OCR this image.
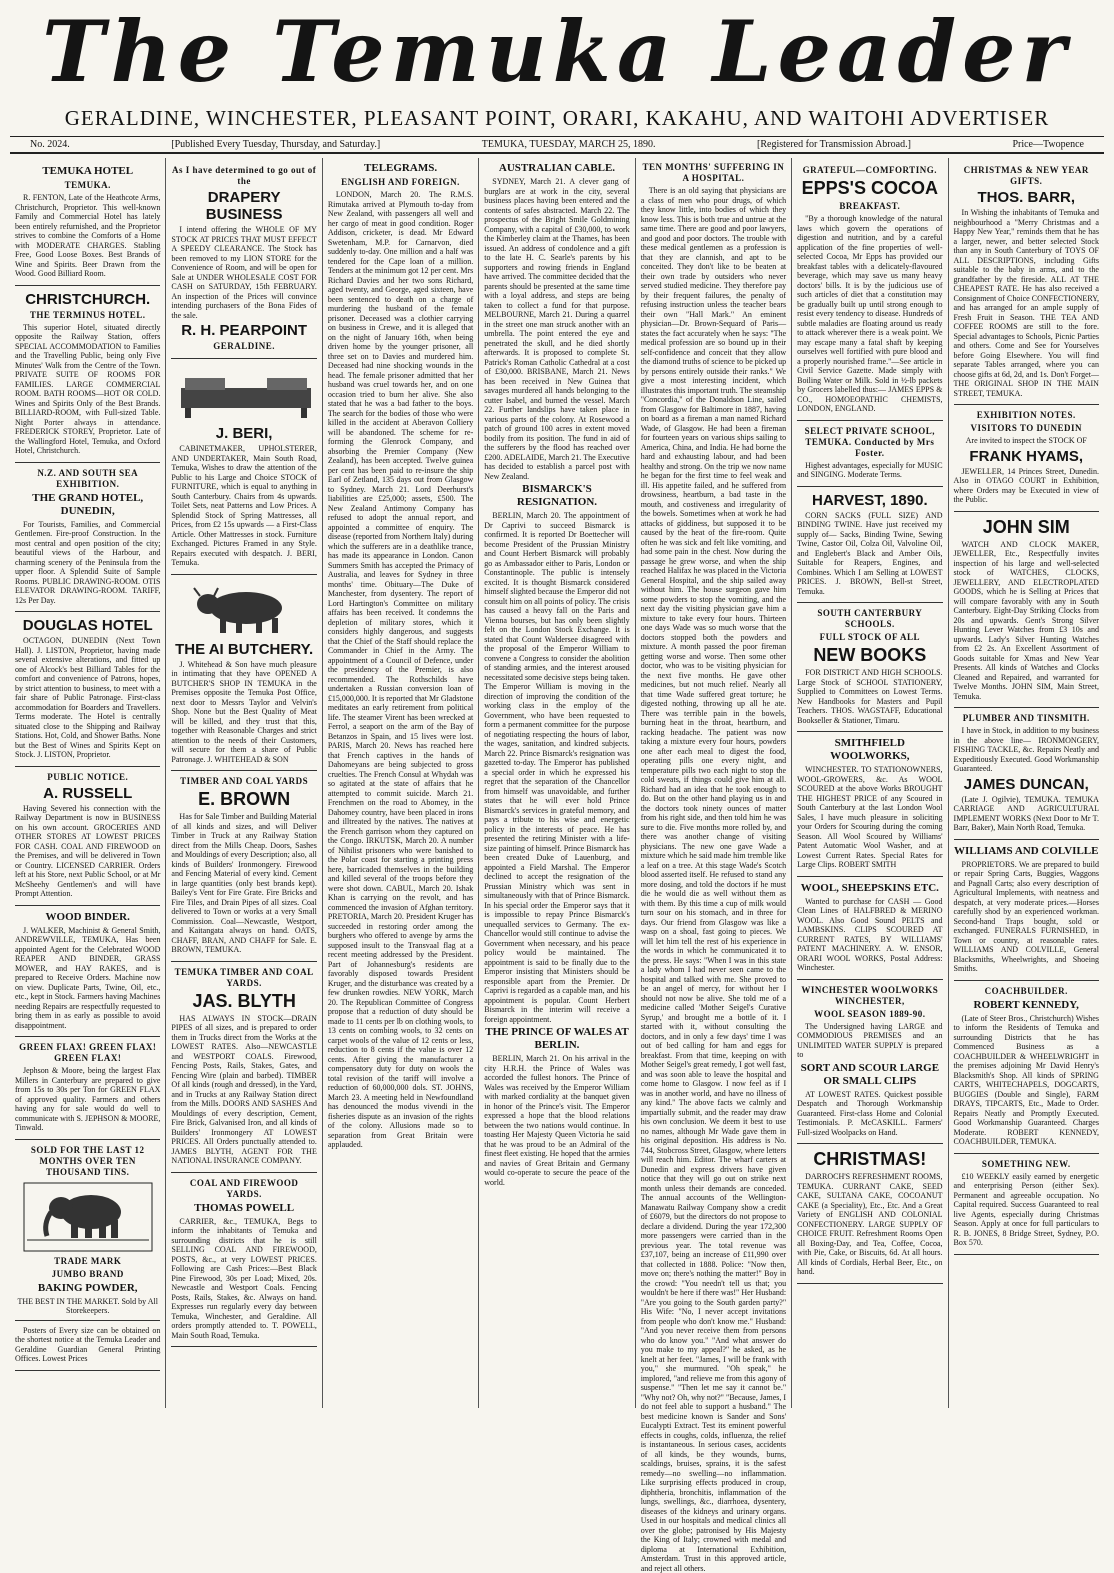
The Temuka Leader
GERALDINE, WINCHESTER, PLEASANT POINT, ORARI, KAKAHU, AND WAITOHI ADVERTISER
No. 2024.	[Published Every Tuesday, Thursday, and Saturday.]	TEMUKA, TUESDAY, MARCH 25, 1890.	[Registered for Transmission Abroad.]	Price—Twopence
TEMUKA HOTEL
TEMUKA.
R. FENTON, Late of the Heathcote Arms, Christchurch, Proprietor. This well-known Family and Commercial Hotel has lately been entirely refurnished, and the Proprietor strives to combine the Comforts of a Home with MODERATE CHARGES. Stabling Free, Good Loose Boxes. Best Brands of Wine and Spirits. Beer Drawn from the Wood. Good Billiard Room.
CHRISTCHURCH.
THE TERMINUS HOTEL.
This superior Hotel, situated directly opposite the Railway Station, offers SPECIAL ACCOMMODATION to Families and the Travelling Public, being only Five Minutes' Walk from the Centre of the Town. PRIVATE SUITE OF ROOMS FOR FAMILIES. LARGE COMMERCIAL ROOM. BATH ROOMS—HOT OR COLD. Wines and Spirits Only of the Best Brands. BILLIARD-ROOM, with Full-sized Table. Night Porter always in attendance. FREDERICK STOREY, Proprietor. Late of the Wallingford Hotel, Temuka, and Oxford Hotel, Christchurch.
N.Z. AND SOUTH SEA EXHIBITION.
THE GRAND HOTEL, DUNEDIN,
For Tourists, Families, and Commercial Gentlemen. Fire-proof Construction. In the most central and open position of the city; beautiful views of the Harbour, and charming scenery of the Peninsula from the upper floor. A Splendid Suite of Sample Rooms. PUBLIC DRAWING-ROOM. OTIS ELEVATOR DRAWING-ROOM. TARIFF, 12s Per Day.
DOUGLAS HOTEL
OCTAGON, DUNEDIN (Next Town Hall). J. LISTON, Proprietor, having made several extensive alterations, and fitted up one of Alcock's best Billiard Tables for the comfort and convenience of Patrons, hopes, by strict attention to business, to meet with a fair share of Public Patronage. First-class accommodation for Boarders and Travellers. Terms moderate. The Hotel is centrally situated close to the Shipping and Railway Stations. Hot, Cold, and Shower Baths. None but the Best of Wines and Spirits Kept on Stock. J. LISTON, Proprietor.
PUBLIC NOTICE.
A. RUSSELL
Having Severed his connection with the Railway Department is now in BUSINESS on his own account. GROCERIES AND OTHER STORES AT LOWEST PRICES FOR CASH. COAL AND FIREWOOD on the Premises, and will be delivered in Town or Country. LICENSED CARRIER. Orders left at his Store, next Public School, or at Mr McSheehy Gentlemen's and will have Prompt Attention.
WOOD BINDER.
J. WALKER, Machinist & General Smith, ANDREWVILLE, TEMUKA, Has been appointed Agent for the Celebrated WOOD REAPER AND BINDER, GRASS MOWER, and HAY RAKES, and is prepared to Receive Orders. Machine now on view. Duplicate Parts, Twine, Oil, etc., etc., kept in Stock. Farmers having Machines needing Repairs are respectfully requested to bring them in as early as possible to avoid disappointment.
GREEN FLAX! GREEN FLAX! GREEN FLAX!
Jephson & Moore, being the largest Flax Millers in Canterbury are prepared to give from 15s to 30s per Ton for GREEN FLAX of approved quality. Farmers and others having any for sale would do well to communicate with S. JEPHSON & MOORE, Tinwald.
SOLD FOR THE LAST 12 MONTHS OVER TEN THOUSAND TINS.
TRADE MARK
JUMBO BRAND
BAKING POWDER,
THE BEST IN THE MARKET. Sold by All Storekeepers.
Posters of Every size can be obtained on the shortest notice at the Temuka Leader and Geraldine Guardian General Printing Offices. Lowest Prices
As I have determined to go out of the
DRAPERY BUSINESS
I intend offering the WHOLE OF MY STOCK AT PRICES THAT MUST EFFECT A SPEEDY CLEARANCE. The Stock has been removed to my LION STORE for the Convenience of Room, and will be open for Sale at UNDER WHOLESALE COST FOR CASH on SATURDAY, 15th FEBRUARY. An inspection of the Prices will convince intending purchasers of the Bona Fides of the sale.
R. H. PEARPOINT
GERALDINE.
J. BERI,
CABINETMAKER, UPHOLSTERER, AND UNDERTAKER, Main South Road, Temuka, Wishes to draw the attention of the Public to his Large and Choice STOCK of FURNITURE, which is equal to anything in South Canterbury. Chairs from 4s upwards. Toilet Sets, neat Patterns and Low Prices. A Splendid Stock of Spring Mattresses, all Prices, from £2 15s upwards — a First-Class Article. Other Mattresses in stock. Furniture Exchanged. Pictures Framed in any Style. Repairs executed with despatch. J. BERI, Temuka.
THE AI BUTCHERY.
J. Whitehead & Son have much pleasure in intimating that they have OPENED A BUTCHER'S SHOP IN TEMUKA in the Premises opposite the Temuka Post Office, next door to Messrs Taylor and Velvin's Shop. None but the Best Quality of Meat will be killed, and they trust that this, together with Reasonable Charges and strict attention to the needs of their Customers, will secure for them a share of Public Patronage. J. WHITEHEAD & SON
TIMBER AND COAL YARDS
E. BROWN
Has for Sale Timber and Building Material of all kinds and sizes, and will Deliver Timber in Truck at any Railway Station direct from the Mills Cheap. Doors, Sashes and Mouldings of every Description; also, all kinds of Builders' Ironmongery. Firewood and Fencing Material of every kind. Cement in large quantities (only best brands kept). Bailey's Vent for Fire Grate. Fire Bricks and Fire Tiles, and Drain Pipes of all sizes. Coal delivered to Town or works at a very Small Commission. Coal—Newcastle, Westport, and Kaitangata always on hand. OATS, CHAFF, BRAN, AND CHAFF for Sale. E. BROWN, TEMUKA.
TEMUKA TIMBER AND COAL YARDS.
JAS. BLYTH
HAS ALWAYS IN STOCK—DRAIN PIPES of all sizes, and is prepared to order them in Trucks direct from the Works at the LOWEST RATES. Also—NEWCASTLE and WESTPORT COALS. Firewood, Fencing Posts, Rails, Stakes, Gates, and Fencing Wire (plain and barbed). TIMBER Of all kinds (rough and dressed), in the Yard, and in Trucks at any Railway Station direct from the Mills. DOORS AND SASHES And Mouldings of every description, Cement, Fire Brick, Galvanised Iron, and all kinds of Builders' Ironmongery AT LOWEST PRICES. All Orders punctually attended to. JAMES BLYTH, AGENT FOR THE NATIONAL INSURANCE COMPANY.
COAL AND FIREWOOD YARDS.
THOMAS POWELL
CARRIER, &c., TEMUKA, Begs to inform the inhabitants of Temuka and surrounding districts that he is still SELLING COAL AND FIREWOOD, POSTS, &c., at very LOWEST PRICES. Following are Cash Prices:—Best Black Pine Firewood, 30s per Load; Mixed, 20s. Newcastle and Westport Coals. Fencing Posts, Rails, Stakes, &c. Always on hand. Expresses run regularly every day between Temuka, Winchester, and Geraldine. All orders promptly attended to. T. POWELL, Main South Road, Temuka.
TELEGRAMS.
ENGLISH AND FOREIGN.
LONDON, March 20. The R.M.S. Rimutaka arrived at Plymouth to-day from New Zealand, with passengers all well and her cargo of meat in good condition. Roger Addison, cricketer, is dead. Mr Edward Swetenham, M.P. for Carnarvon, died suddenly to-day. One million and a half was tendered for the Cape loan of a million. Tenders at the minimum got 12 per cent. Mrs Richard Davies and her two sons Richard, aged twenty, and George, aged sixteen, have been sentenced to death on a charge of murdering the husband of the female prisoner. Deceased was a clothier carrying on business in Crewe, and it is alleged that on the night of January 16th, when being driven home by the younger prisoner, all three set on to Davies and murdered him. Deceased had nine shocking wounds in the head. The female prisoner admitted that her husband was cruel towards her, and on one occasion tried to burn her alive. She also stated that he was a bad father to the boys. The search for the bodies of those who were killed in the accident at Aberavon Colliery will be abandoned. The scheme for re-forming the Glenrock Company, and absorbing the Premier Company (New Zealand), has been accepted. Twelve guinea per cent has been paid to re-insure the ship Earl of Zetland, 135 days out from Glasgow to Sydney. March 21. Lord Deerhurst's liabilities are £25,000; assets, £500. The New Zealand Antimony Company has refused to adopt the annual report, and appointed a committee of enquiry. The disease (reported from Northern Italy) during which the sufferers are in a deathlike trance, has made its appearance in London. Canon Summers Smith has accepted the Primacy of Australia, and leaves for Sydney in three months' time. Obituary—The Duke of Manchester, from dysentery. The report of Lord Hartington's Committee on military affairs has been received. It condemns the depletion of military stores, which it considers highly dangerous, and suggests that the Chief of the Staff should replace the Commander in Chief in the Army. The appointment of a Council of Defence, under the presidency of the Premier, is also recommended. The Rothschilds have undertaken a Russian conversion loan of £15,000,000. It is reported that Mr Gladstone meditates an early retirement from political life. The steamer Virent has been wrecked at Ferrol, a seaport on the arm of the Bay of Betanzos in Spain, and 15 lives were lost. PARIS, March 20. News has reached here that French captives in the hands of Dahomeyans are being subjected to gross cruelties. The French Consul at Whydah was so agitated at the state of affairs that he attempted to commit suicide. March 21. Frenchmen on the road to Abomey, in the Dahomey country, have been placed in irons and illtreated by the natives. The natives at the French garrison whom they captured on the Congo. IRKUTSK, March 20. A number of Nihilist prisoners who were banished to the Polar coast for starting a printing press here, barricaded themselves in the building and killed several of the troops before they were shot down. CABUL, March 20. Ishak Khan is carrying on the revolt, and has commenced the invasion of Afghan territory. PRETORIA, March 20. President Kruger has succeeded in restoring order among the burghers who offered to avenge by arms the supposed insult to the Transvaal flag at a recent meeting addressed by the President. Part of Johannesburg's residents are favorably disposed towards President Kruger, and the disturbance was created by a few drunken rowdies. NEW YORK, March 20. The Republican Committee of Congress propose that a reduction of duty should be made to 11 cents per lb on clothing wools, to 13 cents on combing wools, to 32 cents on carpet wools of the value of 12 cents or less, reduction to 8 cents if the value is over 12 cents. After giving the manufacturer a compensatory duty for duty on wools the total revision of the tariff will involve a reduction of 60,000,000 dols. ST. JOHNS, March 23. A meeting held in Newfoundland has denounced the modus vivendi in the fisheries dispute as an invasion of the rights of the colony. Allusions made so to separation from Great Britain were applauded.
AUSTRALIAN CABLE.
SYDNEY, March 21. A clever gang of burglars are at work in the city, several business places having been entered and the contents of safes abstracted. March 22. The prospectus of the Bright Smile Goldmining Company, with a capital of £30,000, to work the Kimberley claim at the Thames, has been issued. An address of condolence and a gift to the late H. C. Searle's parents by his supporters and rowing friends in England have arrived. The committee decided that the parents should be presented at the same time with a loyal address, and steps are being taken to collect a fund for that purpose. MELBOURNE, March 21. During a quarrel in the street one man struck another with an umbrella. The point entered the eye and penetrated the skull, and he died shortly afterwards. It is proposed to complete St. Patrick's Roman Catholic Cathedral at a cost of £30,000. BRISBANE, March 21. News has been received in New Guinea that savages murdered all hands belonging to the cutter Isabel, and burned the vessel. March 22. Further landslips have taken place in various parts of the colony. At Rosewood a patch of ground 100 acres in extent moved bodily from its position. The fund in aid of the sufferers by the flood has reached over £200. ADELAIDE, March 21. The Executive has decided to establish a parcel post with New Zealand.
BISMARCK'S RESIGNATION.
BERLIN, March 20. The appointment of Dr Caprivi to succeed Bismarck is confirmed. It is reported Dr Boettecher will become President of the Prussian Ministry and Count Herbert Bismarck will probably go as Ambassador either to Paris, London or Constantinople. The public is intensely excited. It is thought Bismarck considered himself slighted because the Emperor did not consult him on all points of policy. The crisis has caused a heavy fall on the Paris and Vienna bourses, but has only been slightly felt on the London Stock Exchange. It is stated that Count Waldersee disagreed with the proposal of the Emperor William to convene a Congress to consider the abolition of standing armies, and the interest aroused necessitated some decisive steps being taken. The Emperor William is moving in the direction of improving the condition of the working class in the employ of the Government, who have been requested to form a permanent committee for the purpose of negotiating respecting the hours of labor, the wages, sanitation, and kindred subjects. March 22. Prince Bismarck's resignation was gazetted to-day. The Emperor has published a special order in which he expressed his regret that the separation of the Chancellor from himself was unavoidable, and further states that he will ever hold Prince Bismarck's services in grateful memory, and pays a tribute to his wise and energetic policy in the interests of peace. He has presented the retiring Minister with a life-size painting of himself. Prince Bismarck has been created Duke of Lauenburg, and appointed a Field Marshal. The Emperor declined to accept the resignation of the Prussian Ministry which was sent in simultaneously with that of Prince Bismarck. In his special order the Emperor says that it is impossible to repay Prince Bismarck's unequalled services to Germany. The ex-Chancellor would still continue to advise the Government when necessary, and his peace policy would be maintained. The appointment is said to be finally due to the Emperor insisting that Ministers should be responsible apart from the Premier. Dr Caprivi is regarded as a capable man, and his appointment is popular. Count Herbert Bismarck in the interim will receive a foreign appointment.
THE PRINCE OF WALES AT BERLIN.
BERLIN, March 21. On his arrival in the city H.R.H. the Prince of Wales was accorded the fullest honors. The Prince of Wales was received by the Emperor William with marked cordiality at the banquet given in honor of the Prince's visit. The Emperor expressed a hope that the blood relations between the two nations would continue. In toasting Her Majesty Queen Victoria he said that he was proud to be an Admiral of the finest fleet existing. He hoped that the armies and navies of Great Britain and Germany would co-operate to secure the peace of the world.
TEN MONTHS' SUFFERING IN A HOSPITAL.
There is an old saying that physicians are a class of men who pour drugs, of which they know little, into bodies of which they know less. This is both true and untrue at the same time. There are good and poor lawyers, and good and poor doctors. The trouble with these medical gentlemen as a profession is that they are clannish, and apt to be conceited. They don't like to be beaten at their own trade by outsiders who never served studied medicine. They therefore pay by their frequent failures, the penalty of refusing instruction unless the teacher bears their own "Hall Mark." An eminent physician—Dr. Brown-Sequard of Paris—states the fact accurately when he says: "The medical profession are so bound up in their self-confidence and conceit that they allow the diamond truths of science to be picked up by persons entirely outside their ranks." We give a most interesting incident, which illustrates this important truth. The steamship "Concordia," of the Donaldson Line, sailed from Glasgow for Baltimore in 1887, having on board as a fireman a man named Richard Wade, of Glasgow. He had been a fireman for fourteen years on various ships sailing to America, China, and India. He had borne the hard and exhausting labour, and had been healthy and strong. On the trip we now name he began for the first time to feel weak and ill. His appetite failed, and he suffered from drowsiness, heartburn, a bad taste in the mouth, and costiveness and irregularity of the bowels. Sometimes when at work he had attacks of giddiness, but supposed it to be caused by the heat of the fire-room. Quite often he was sick and felt like vomiting, and had some pain in the chest. Now during the passage he grew worse, and when the ship reached Halifax he was placed in the Victoria General Hospital, and the ship sailed away without him. The house surgeon gave him some powders to stop the vomiting, and the next day the visiting physician gave him a mixture to take every four hours. Thirteen one days Wade was so much worse that the doctors stopped both the powders and mixture. A month passed the poor fireman getting worse and worse. Then some other doctor, who was to be visiting physician for the next five months. He gave other medicines, but not much relief. Nearly all that time Wade suffered great torture; he digested nothing, throwing up all he ate. There was terrible pain in the bowels, burning heat in the throat, heartburn, and racking headache. The patient was now taking a mixture every four hours, powders one after each meal to digest the food, operating pills one every night, and temperature pills two each night to stop the cold sweats, if things could give him at all. Richard had an idea that he took enough to do. But on the other hand playing us in and the doctors took ninety ounces of matter from his right side, and then told him he was sure to die. Five months more rolled by, and there was another change of visiting physicians. The new one gave Wade a mixture which he said made him tremble like a leaf on a tree. At this stage Wade's Scotch blood asserted itself. He refused to stand any more dosing, and told the doctors if he must die he would die as well without them as with them. By this time a cup of milk would turn sour on his stomach, and in three for days. Our friend from Glasgow was like a wasp on a shoal, fast going to pieces. We will let him tell the rest of his experience in the words in which he communicated it to the press. He says: "When I was in this state a lady whom I had never seen came to the hospital and talked with me. She proved to be an angel of mercy, for without her I should not now be alive. She told me of a medicine called 'Mother Seigel's Curative Syrup,' and brought me a bottle of it. I started with it, without consulting the doctors, and in only a few days' time I was out of bed calling for ham and eggs for breakfast. From that time, keeping on with Mother Seigel's great remedy, I got well fast, and was soon able to leave the hospital and come home to Glasgow. I now feel as if I was in another world, and have no illness of any kind." The above facts we calmly and impartially submit, and the reader may draw his own conclusion. We deem it best to use no names, although Mr Wade gave them in his original deposition. His address is No. 744, Stobcross Street, Glasgow, where letters will reach him. Editor. The wharf carters at Dunedin and express drivers have given notice that they will go out on strike next month unless their demands are conceded. The annual accounts of the Wellington-Manawatu Railway Company show a credit of £6079, but the directors do not propose to declare a dividend. During the year 172,300 more passengers were carried than in the previous year. The total revenue was £37,107, being an increase of £11,990 over that collected in 1888. Police: "Now then, move on; there's nothing the matter!" Boy in the crowd: "You needn't tell us that; you wouldn't be here if there was!" Her Husband: "Are you going to the South garden party?" His Wife: "No, I never accept invitations from people who don't know me." Husband: "And you never receive them from persons who do know you." "And what answer do you make to my appeal?" he asked, as he knelt at her feet. "James, I will be frank with you," she murmured. "Oh speak," he implored, "and relieve me from this agony of suspense." "Then let me say it cannot be." "Why not? Oh, why not?" "Because, James, I do not feel able to support a husband." The best medicine known is Sander and Sons' Eucalypti Extract. Test its eminent powerful effects in coughs, colds, influenza, the relief is instantaneous. In serious cases, accidents of all kinds, be they wounds, burns, scaldings, bruises, sprains, it is the safest remedy—no swelling—no inflammation. Like surprising effects produced in croup, diphtheria, bronchitis, inflammation of the lungs, swellings, &c., diarrhoea, dysentery, diseases of the kidneys and urinary organs. Used in our hospitals and medical clinics all over the globe; patronised by His Majesty the King of Italy; crowned with medal and diploma at International Exhibition, Amsterdam. Trust in this approved article, and reject all others.
GRATEFUL—COMFORTING.
EPPS'S COCOA
BREAKFAST.
"By a thorough knowledge of the natural laws which govern the operations of digestion and nutrition, and by a careful application of the fine properties of well-selected Cocoa, Mr Epps has provided our breakfast tables with a delicately-flavoured beverage, which may save us many heavy doctors' bills. It is by the judicious use of such articles of diet that a constitution may be gradually built up until strong enough to resist every tendency to disease. Hundreds of subtle maladies are floating around us ready to attack wherever there is a weak point. We may escape many a fatal shaft by keeping ourselves well fortified with pure blood and a properly nourished frame."—See article in Civil Service Gazette. Made simply with Boiling Water or Milk. Sold in ½-lb packets by Grocers labelled thus:— JAMES EPPS & CO., HOMOEOPATHIC CHEMISTS, LONDON, ENGLAND.
SELECT PRIVATE SCHOOL, TEMUKA. Conducted by Mrs Foster.
Highest advantages, especially for MUSIC and SINGING. Moderate Terms.
HARVEST, 1890.
CORN SACKS (FULL SIZE) AND BINDING TWINE. Have just received my supply of— Sacks, Binding Twine, Sewing Twine, Castor Oil, Colza Oil, Valvoline Oil, and Englebert's Black and Amber Oils, Suitable for Reapers, Engines, and Combines. Which I am Selling at LOWEST PRICES. J. BROWN, Bell-st Street, Temuka.
SOUTH CANTERBURY SCHOOLS.
FULL STOCK OF ALL
NEW BOOKS
FOR DISTRICT AND HIGH SCHOOLS. Large Stock of SCHOOL STATIONERY, Supplied to Committees on Lowest Terms. New Handbooks for Masters and Pupil Teachers. THOS. WAGSTAFF, Educational Bookseller & Stationer, Timaru.
SMITHFIELD WOOLWORKS,
WINCHESTER. TO STATIONOWNERS, WOOL-GROWERS, &c. As WOOL SCOURED at the above Works BROUGHT THE HIGHEST PRICE of any Scoured in South Canterbury at the last London Wool Sales, I have much pleasure in soliciting your Orders for Scouring during the coming Season. All Wool Scoured by Williams' Patent Automatic Wool Washer, and at Lowest Current Rates. Special Rates for Large Clips. ROBERT SMITH
WOOL, SHEEPSKINS ETC.
Wanted to purchase for CASH — Good Clean Lines of HALFBRED & MERINO WOOL. Also Good Sound PELTS and LAMBSKINS. CLIPS SCOURED AT CURRENT RATES, BY WILLIAMS' PATENT MACHINERY. A. W. ENSOR, ORARI WOOL WORKS, Postal Address: Winchester.
WINCHESTER WOOLWORKS WINCHESTER,
WOOL SEASON 1889-90.
The Undersigned having LARGE and COMMODIOUS PREMISES and an UNLIMITED WATER SUPPLY is prepared to
SORT AND SCOUR LARGE OR SMALL CLIPS
AT LOWEST RATES. Quickest possible Despatch and Thorough Workmanship Guaranteed. First-class Home and Colonial Testimonials. P. McCASKILL. Farmers' Full-sized Woolpacks on Hand.
CHRISTMAS!
DARROCH'S REFRESHMENT ROOMS, TEMUKA. CURRANT CAKE, SEED CAKE, SULTANA CAKE, COCOANUT CAKE (a Speciality), Etc., Etc. And a Great Variety of ENGLISH AND COLONIAL CONFECTIONERY. LARGE SUPPLY OF CHOICE FRUIT. Refreshment Rooms Open all Boxing-Day, and Tea, Coffee, Cocoa, with Pie, Cake, or Biscuits, 6d. At all hours. All kinds of Cordials, Herbal Beer, Etc., on hand.
CHRISTMAS & NEW YEAR GIFTS.
THOS. BARR,
In Wishing the inhabitants of Temuka and neighbourhood a "Merry Christmas and a Happy New Year," reminds them that he has a larger, newer, and better selected Stock than any in South Canterbury of TOYS OF ALL DESCRIPTIONS, including Gifts suitable to the baby in arms, and to the grandfather by the fireside. ALL AT THE CHEAPEST RATE. He has also received a Consignment of Choice CONFECTIONERY, and has arranged for an ample supply of Fresh Fruit in Season. THE TEA AND COFFEE ROOMS are still to the fore. Special advantages to Schools, Picnic Parties and others. Come and See for Yourselves before Going Elsewhere. You will find separate Tables arranged, where you can choose gifts at 6d, 2d, and 1s. Don't Forget— THE ORIGINAL SHOP IN THE MAIN STREET, TEMUKA.
EXHIBITION NOTES.
VISITORS TO DUNEDIN
Are invited to inspect the STOCK OF
FRANK HYAMS,
JEWELLER, 14 Princes Street, Dunedin. Also in OTAGO COURT in Exhibition, where Orders may be Executed in view of the Public.
JOHN SIM
WATCH AND CLOCK MAKER, JEWELLER, Etc., Respectfully invites inspection of his large and well-selected stock of WATCHES, CLOCKS, JEWELLERY, AND ELECTROPLATED GOODS, which he is Selling at Prices that will compare favorably with any in South Canterbury. Eight-Day Striking Clocks from 20s and upwards. Gent's Strong Silver Hunting Lever Watches from £3 10s and upwards. Lady's Silver Hunting Watches from £2 2s. An Excellent Assortment of Goods suitable for Xmas and New Year Presents. All kinds of Watches and Clocks Cleaned and Repaired, and warranted for Twelve Months. JOHN SIM, Main Street, Temuka.
PLUMBER AND TINSMITH.
I have in Stock, in addition to my business in the above line— IRONMONGERY, FISHING TACKLE, &c. Repairs Neatly and Expeditiously Executed. Good Workmanship Guaranteed.
JAMES DUNCAN,
(Late J. Ogilvie), TEMUKA. TEMUKA CARRIAGE AND AGRICULTURAL IMPLEMENT WORKS (Next Door to Mr T. Barr, Baker), Main North Road, Temuka.
WILLIAMS AND COLVILLE
PROPRIETORS. We are prepared to build or repair Spring Carts, Buggies, Waggons and Pagnall Carts; also every description of Agricultural Implements, with neatness and despatch, at very moderate prices.—Horses carefully shod by an experienced workman. Second-hand Traps bought, sold or exchanged. FUNERALS FURNISHED, in Town or country, at reasonable rates. WILLIAMS AND COLVILLE, General Blacksmiths, Wheelwrights, and Shoeing Smiths.
COACHBUILDER.
ROBERT KENNEDY,
(Late of Steer Bros., Christchurch) Wishes to inform the Residents of Temuka and surrounding Districts that he has Commenced Business as a COACHBUILDER & WHEELWRIGHT in the premises adjoining Mr David Henry's Blacksmith's Shop. All kinds of SPRING CARTS, WHITECHAPELS, DOGCARTS, BUGGIES (Double and Single), FARM DRAYS, TIPCARTS, Etc., Made to Order. Repairs Neatly and Promptly Executed. Good Workmanship Guaranteed. Charges Moderate. ROBERT KENNEDY, COACHBUILDER, TEMUKA.
SOMETHING NEW.
£10 WEEKLY easily earned by energetic and enterprising Person (either Sex). Permanent and agreeable occupation. No Capital required. Success Guaranteed to real live Agents, especially during Christmas Season. Apply at once for full particulars to R. B. JONES, 8 Bridge Street, Sydney, P.O. Box 570.
